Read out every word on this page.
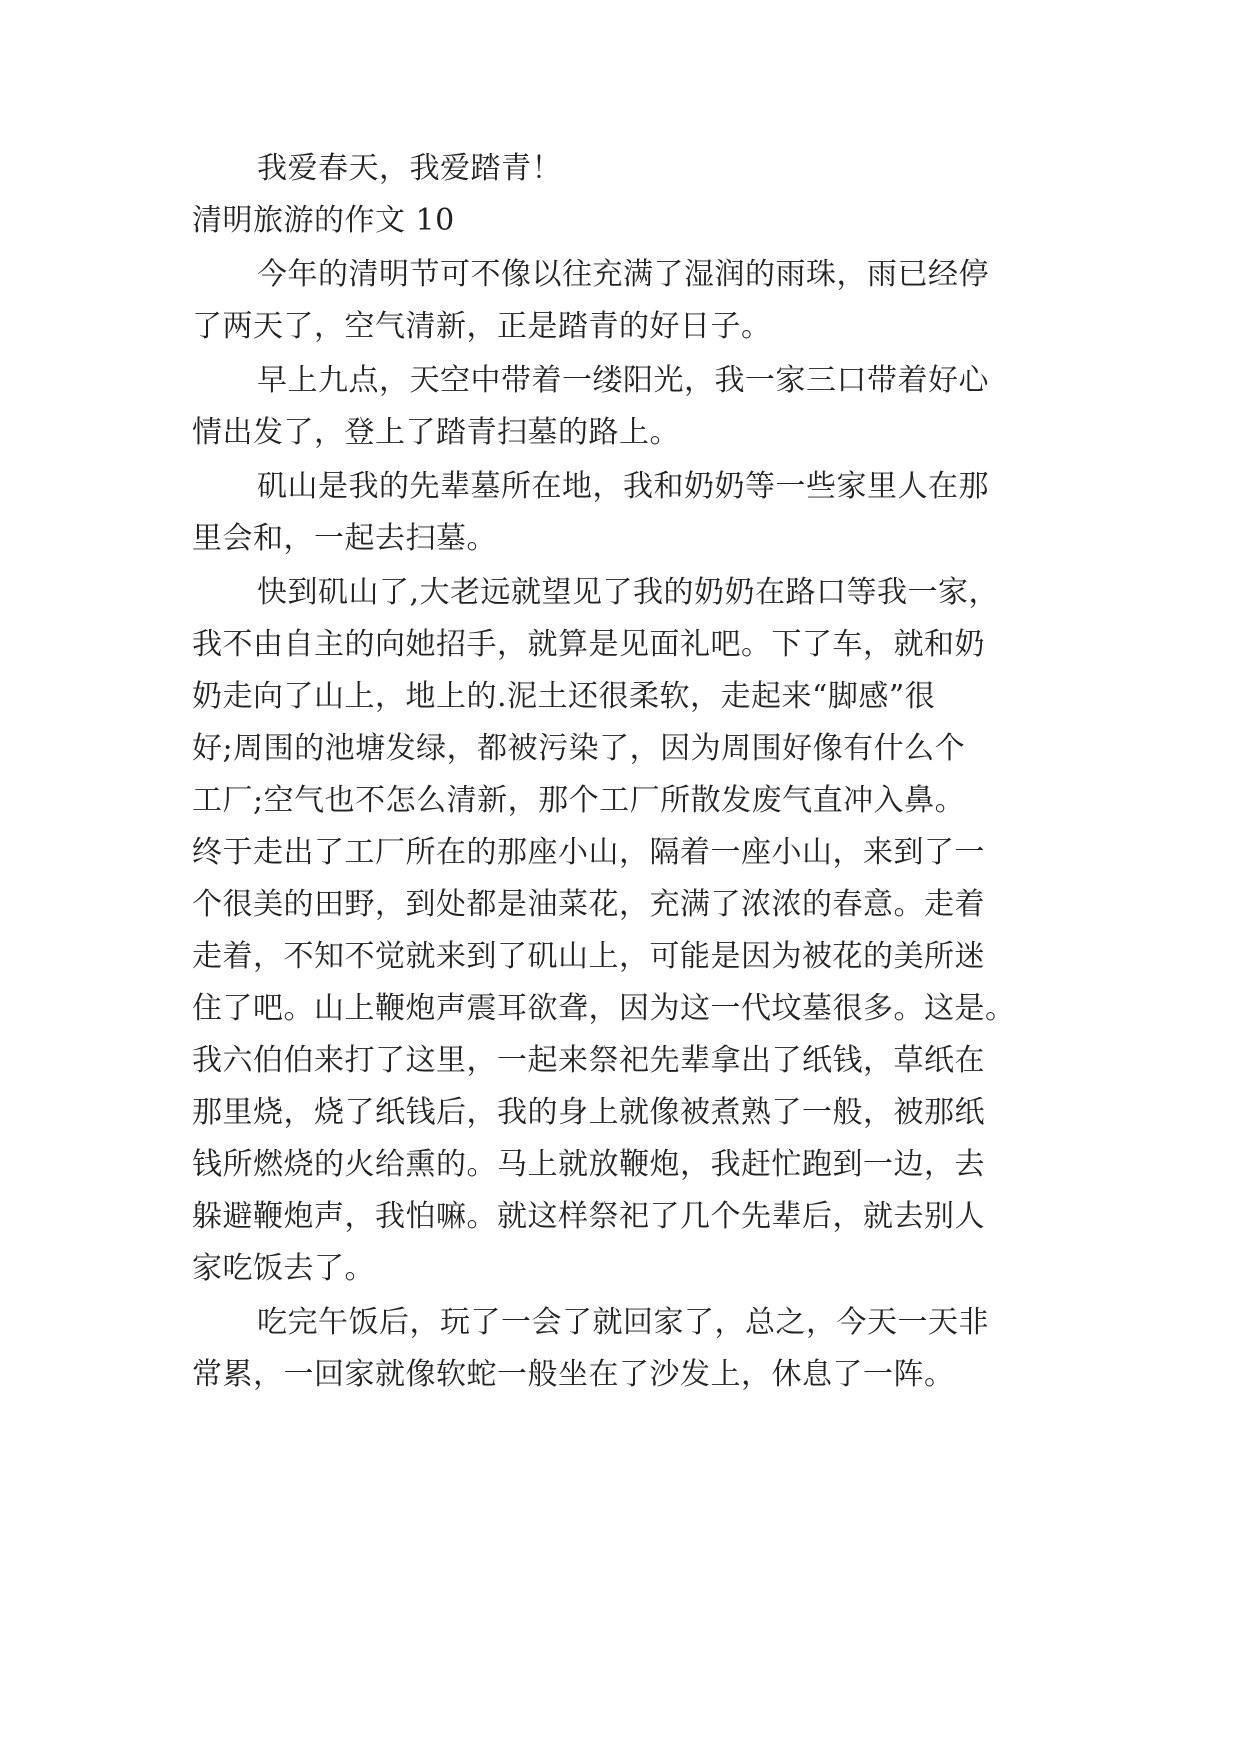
我爱春天，我爱踏青！
清明旅游的作文 10
今年的清明节可不像以往充满了湿润的雨珠，雨已经停
了两天了，空气清新，正是踏青的好日子。
早上九点，天空中带着一缕阳光，我一家三口带着好心
情出发了，登上了踏青扫墓的路上。
矶山是我的先辈墓所在地，我和奶奶等一些家里人在那
里会和，一起去扫墓。
快到矶山了,大老远就望见了我的奶奶在路口等我一家，
我不由自主的向她招手，就算是见面礼吧。下了车，就和奶
奶走向了山上，地上的.泥土还很柔软，走起来“脚感”很
好;周围的池塘发绿，都被污染了，因为周围好像有什么个
工厂;空气也不怎么清新，那个工厂所散发废气直冲入鼻。
终于走出了工厂所在的那座小山，隔着一座小山，来到了一
个很美的田野，到处都是油菜花，充满了浓浓的春意。走着
走着，不知不觉就来到了矶山上，可能是因为被花的美所迷
住了吧。山上鞭炮声震耳欲聋，因为这一代坟墓很多。这是。
我六伯伯来打了这里，一起来祭祀先辈拿出了纸钱，草纸在
那里烧，烧了纸钱后，我的身上就像被煮熟了一般，被那纸
钱所燃烧的火给熏的。马上就放鞭炮，我赶忙跑到一边，去
躲避鞭炮声，我怕嘛。就这样祭祀了几个先辈后，就去别人
家吃饭去了。
吃完午饭后，玩了一会了就回家了，总之，今天一天非
常累，一回家就像软蛇一般坐在了沙发上，休息了一阵。
